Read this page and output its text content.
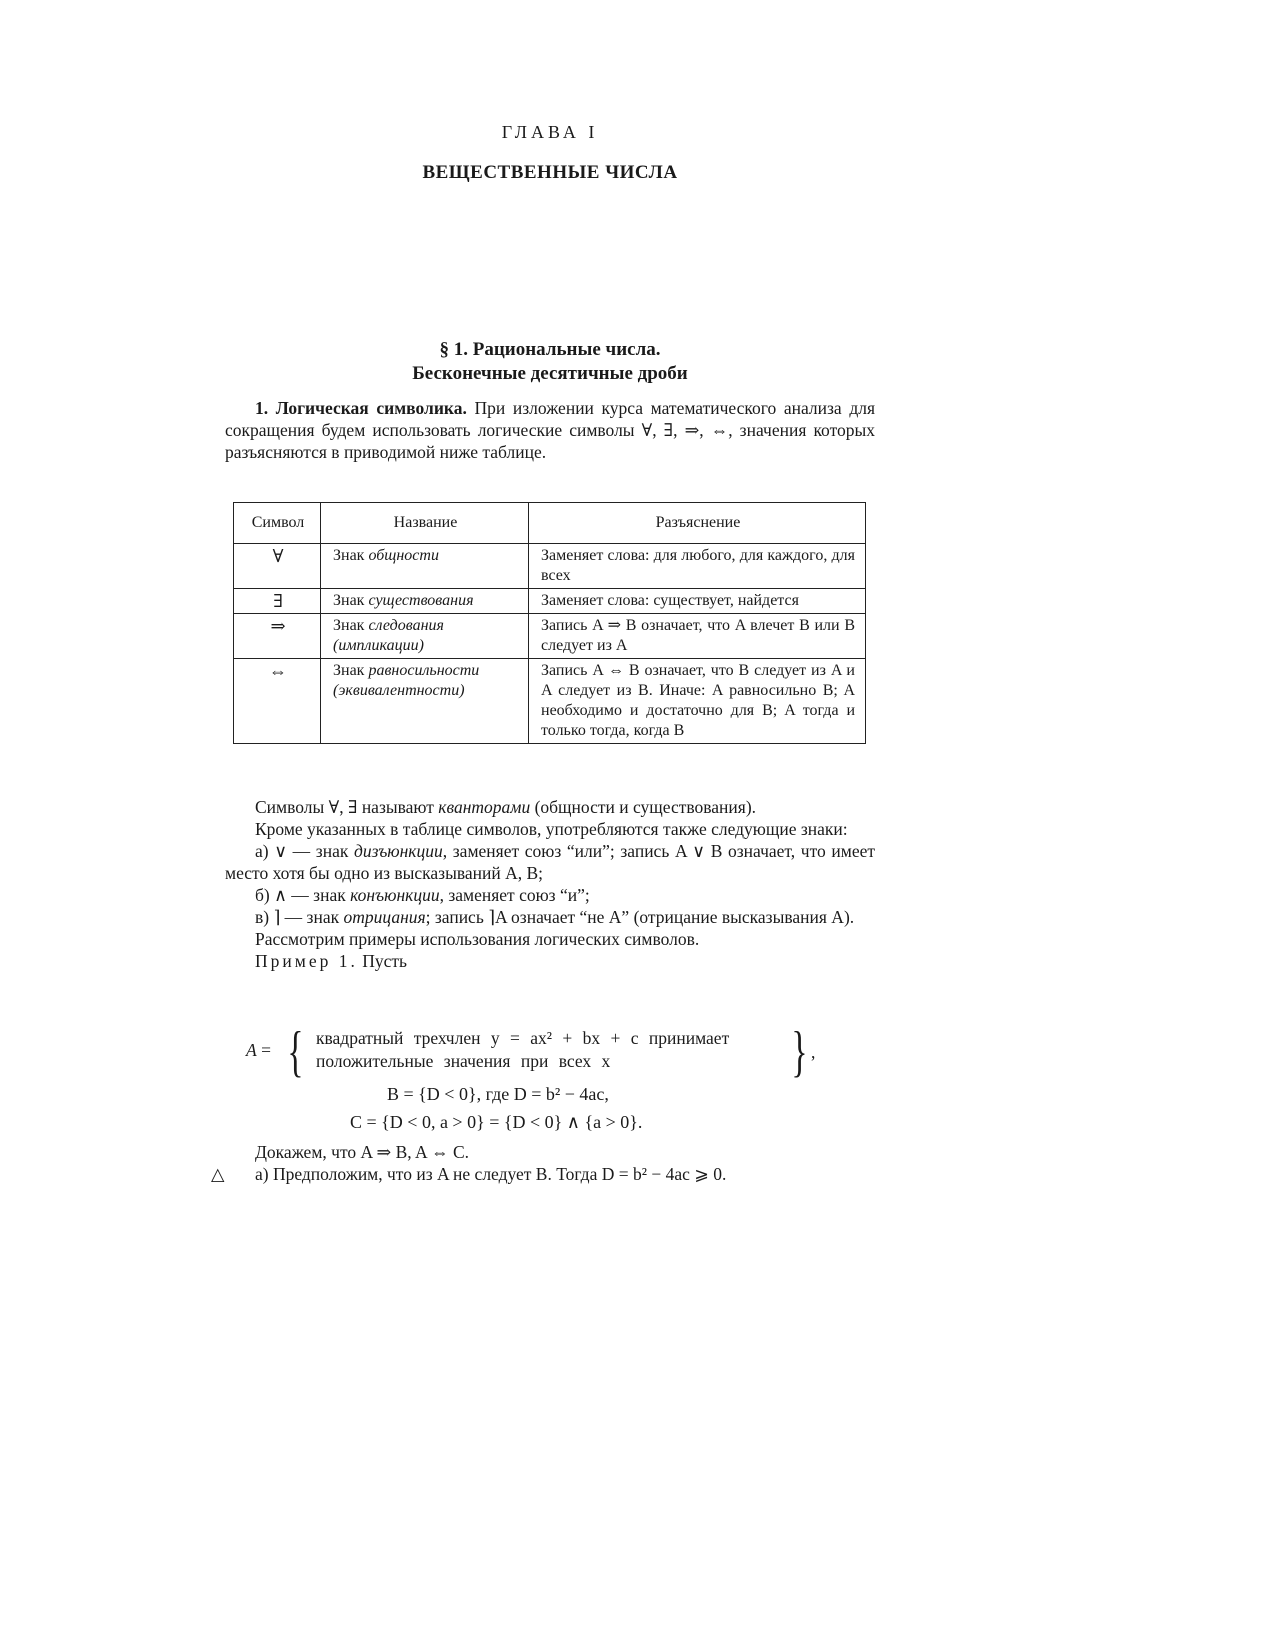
ГЛАВА I
ВЕЩЕСТВЕННЫЕ ЧИСЛА
§ 1. Рациональные числа.
Бесконечные десятичные дроби

1. Логическая символика. При изложении курса математического анализа для сокращения будем использовать логические символы ∀, ∃, ⇒, ⇔, значения которых разъясняются в приводимой ниже таблице.

Символ	Название	Разъяснение
∀	Знак общности	Заменяет слова: для любого, для каждого, для всех
∃	Знак существования	Заменяет слова: существует, найдется
⇒	Знак следования (импликации)	Запись A ⇒ B означает, что A влечет B или B следует из A
⇔	Знак равносильности (эквивалентности)	Запись A ⇔ B означает, что B следует из A и A следует из B. Иначе: A равносильно B; A необходимо и достаточно для B; A тогда и только тогда, когда B

Символы ∀, ∃ называют кванторами (общности и существования).

Кроме указанных в таблице символов, употребляются также следующие знаки:

а) ∨ — знак дизъюнкции, заменяет союз “или”; запись A ∨ B означает, что имеет место хотя бы одно из высказываний A, B;

б) ∧ — знак конъюнкции, заменяет союз “и”;

в) ⌉ — знак отрицания; запись ⌉A означает “не A” (отрицание высказывания A).

Рассмотрим примеры использования логических символов.

Пример 1. Пусть

A = { квадратный трехчлен y = ax² + bx + c принимает
положительные значения при всех x	} ,
B = {D < 0}, где D = b² − 4ac,
C = {D < 0, a > 0} = {D < 0} ∧ {a > 0}.

Докажем, что A ⇒ B, A ⇔ C.

△ а) Предположим, что из A не следует B. Тогда D = b² − 4ac ⩾ 0.
